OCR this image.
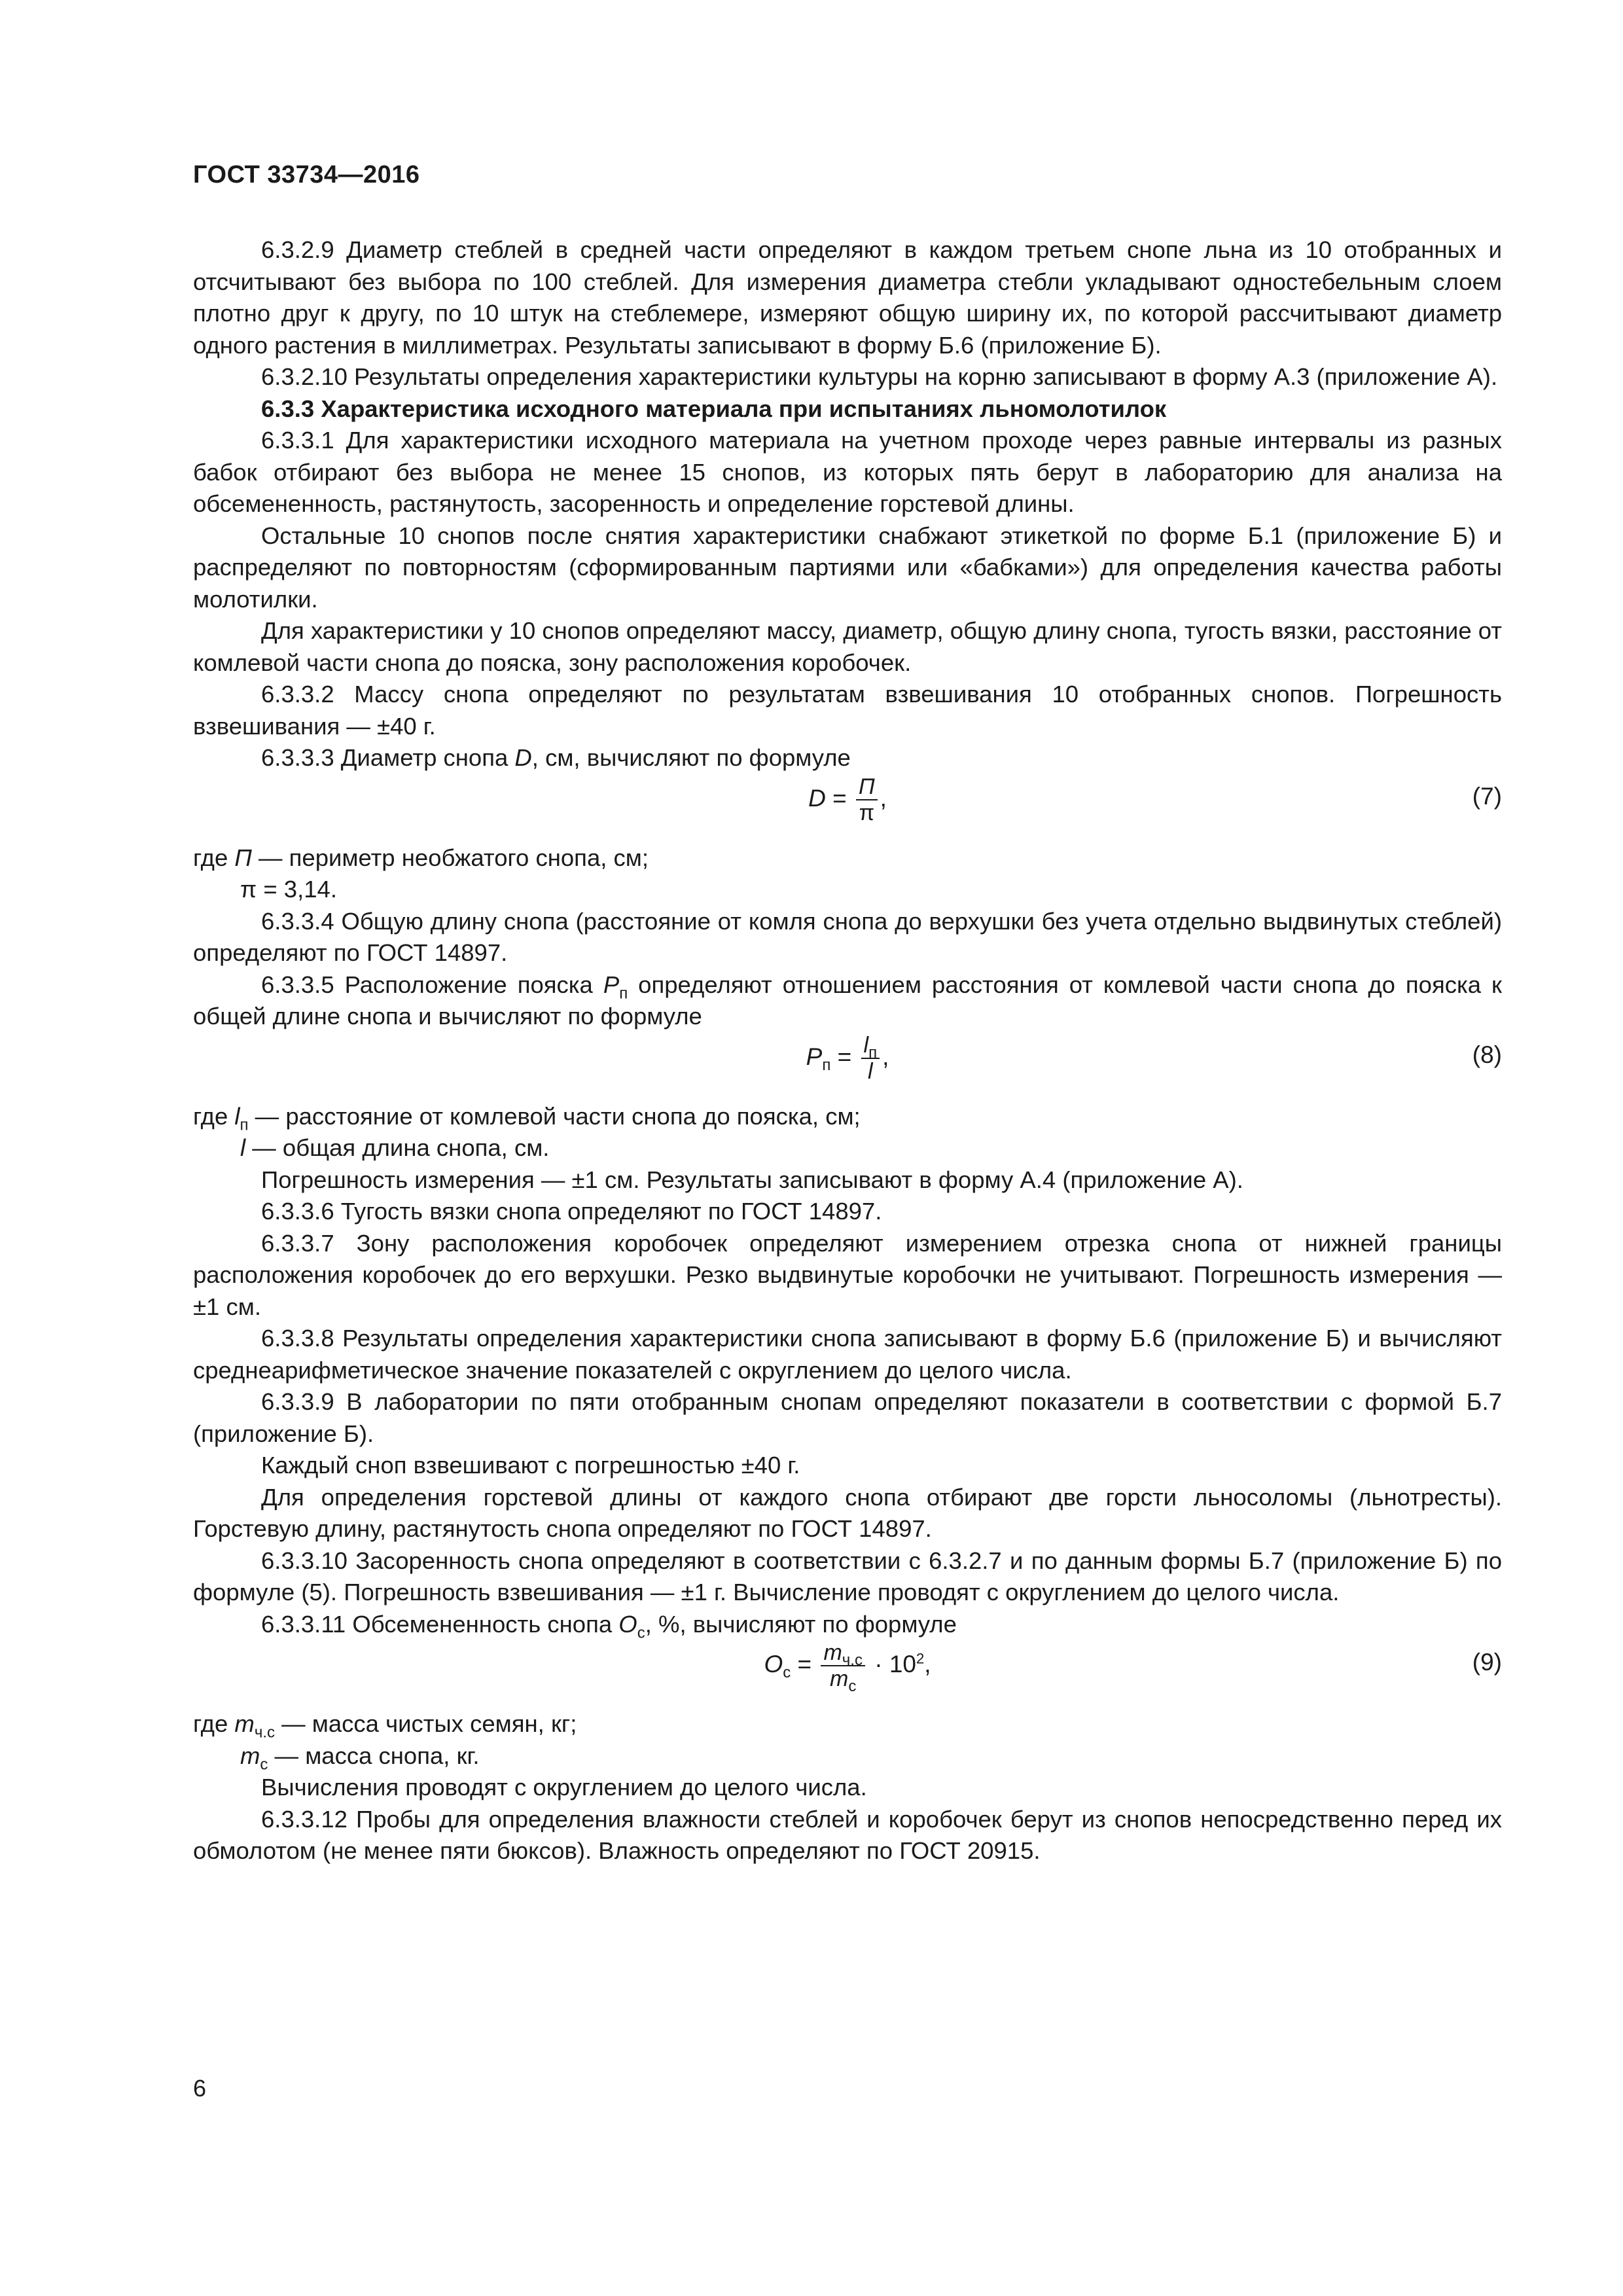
ГОСТ 33734—2016

6.3.2.9 Диаметр стеблей в средней части определяют в каждом третьем снопе льна из 10 отобранных и отсчитывают без выбора по 100 стеблей. Для измерения диаметра стебли укладывают одностебельным слоем плотно друг к другу, по 10 штук на стеблемере, измеряют общую ширину их, по которой рассчитывают диаметр одного растения в миллиметрах. Результаты записывают в форму Б.6 (приложение Б).

6.3.2.10 Результаты определения характеристики культуры на корню записывают в форму А.3 (приложение А).

6.3.3 Характеристика исходного материала при испытаниях льномолотилок

6.3.3.1 Для характеристики исходного материала на учетном проходе через равные интервалы из разных бабок отбирают без выбора не менее 15 снопов, из которых пять берут в лабораторию для анализа на обсемененность, растянутость, засоренность и определение горстевой длины.

Остальные 10 снопов после снятия характеристики снабжают этикеткой по форме Б.1 (приложение Б) и распределяют по повторностям (сформированным партиями или «бабками») для определения качества работы молотилки.

Для характеристики у 10 снопов определяют массу, диаметр, общую длину снопа, тугость вязки, расстояние от комлевой части снопа до пояска, зону расположения коробочек.

6.3.3.2 Массу снопа определяют по результатам взвешивания 10 отобранных снопов. Погрешность взвешивания — ±40 г.

6.3.3.3 Диаметр снопа D, см, вычисляют по формуле

$D = \frac{П}{\pi}$ ,	(7)

где П — периметр необжатого снопа, см;

π = 3,14.

6.3.3.4 Общую длину снопа (расстояние от комля снопа до верхушки без учета отдельно выдвинутых стеблей) определяют по ГОСТ 14897.

6.3.3.5 Расположение пояска $P_п$ определяют отношением расстояния от комлевой части снопа до пояска к общей длине снопа и вычисляют по формуле

$P_п = \frac{l_п}{l}$ ,	(8)

где $l_п$ — расстояние от комлевой части снопа до пояска, см;

l — общая длина снопа, см.

Погрешность измерения — ±1 см. Результаты записывают в форму А.4 (приложение А).

6.3.3.6 Тугость вязки снопа определяют по ГОСТ 14897.

6.3.3.7 Зону расположения коробочек определяют измерением отрезка снопа от нижней границы расположения коробочек до его верхушки. Резко выдвинутые коробочки не учитывают. Погрешность измерения — ±1 см.

6.3.3.8 Результаты определения характеристики снопа записывают в форму Б.6 (приложение Б) и вычисляют среднеарифметическое значение показателей с округлением до целого числа.

6.3.3.9 В лаборатории по пяти отобранным снопам определяют показатели в соответствии с формой Б.7 (приложение Б).

Каждый сноп взвешивают с погрешностью ±40 г.

Для определения горстевой длины от каждого снопа отбирают две горсти льносоломы (льнотресты). Горстевую длину, растянутость снопа определяют по ГОСТ 14897.

6.3.3.10 Засоренность снопа определяют в соответствии с 6.3.2.7 и по данным формы Б.7 (приложение Б) по формуле (5). Погрешность взвешивания — ±1 г. Вычисление проводят с округлением до целого числа.

6.3.3.11 Обсемененность снопа $О_с$, %, вычисляют по формуле

$O_с = \frac{m_{ч.с}}{m_с} \cdot 10^2$,	(9)

где $m_{ч.с}$ — масса чистых семян, кг;

$m_с$ — масса снопа, кг.

Вычисления проводят с округлением до целого числа.

6.3.3.12 Пробы для определения влажности стеблей и коробочек берут из снопов непосредственно перед их обмолотом (не менее пяти бюксов). Влажность определяют по ГОСТ 20915.

6
